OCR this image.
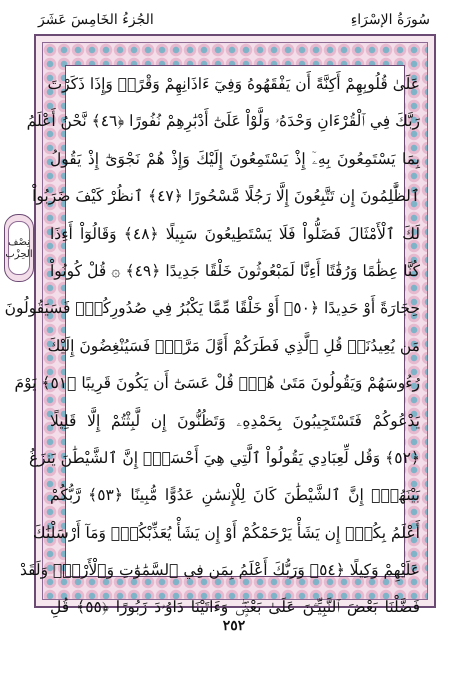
الجُزءُ الخَامِسَ عَشَرَ	سُورَةُ الإسْرَاءِ
نِصْف
الحِزْب
عَلَىٰ قُلُوبِهِمْ أَكِنَّةً أَن يَفْقَهُوهُ وَفِيٓ ءَاذَانِهِمْ وَقْرًاۚ وَإِذَا ذَكَرْتَ
رَبَّكَ فِي ٱلْقُرْءَانِ وَحْدَهُۥ وَلَّوْاْ عَلَىٰٓ أَدْبَٰرِهِمْ نُفُورًا ﴿٤٦﴾ نَّحْنُ أَعْلَمُ
بِمَا يَسْتَمِعُونَ بِهِۦٓ إِذْ يَسْتَمِعُونَ إِلَيْكَ وَإِذْ هُمْ نَجْوَىٰٓ إِذْ يَقُولُ
ٱلظَّٰلِمُونَ إِن تَتَّبِعُونَ إِلَّا رَجُلًا مَّسْحُورًا ﴿٤٧﴾ ٱنظُرْ كَيْفَ ضَرَبُواْ
لَكَ ٱلْأَمْثَالَ فَضَلُّواْ فَلَا يَسْتَطِيعُونَ سَبِيلًا ﴿٤٨﴾ وَقَالُوٓاْ أَءِذَا
كُنَّا عِظَٰمًا وَرُفَٰتًا أَءِنَّا لَمَبْعُوثُونَ خَلْقًا جَدِيدًا ﴿٤٩﴾ ۞ قُلْ كُونُواْ
حِجَارَةً أَوْ حَدِيدًا ﴿٥٠﴾ أَوْ خَلْقًا مِّمَّا يَكْبُرُ فِي صُدُورِكُمْۚ فَسَيَقُولُونَ
مَن يُعِيدُنَاۖ قُلِ ٱلَّذِي فَطَرَكُمْ أَوَّلَ مَرَّةٍۚ فَسَيُنْغِضُونَ إِلَيْكَ
رُءُوسَهُمْ وَيَقُولُونَ مَتَىٰ هُوَۖ قُلْ عَسَىٰٓ أَن يَكُونَ قَرِيبًا ﴿٥١﴾ يَوْمَ
يَدْعُوكُمْ فَتَسْتَجِيبُونَ بِحَمْدِهِۦ وَتَظُنُّونَ إِن لَّبِثْتُمْ إِلَّا قَلِيلًا
﴿٥٢﴾ وَقُل لِّعِبَادِي يَقُولُواْ ٱلَّتِي هِيَ أَحْسَنُۚ إِنَّ ٱلشَّيْطَٰنَ يَنزَغُ
بَيْنَهُمْۚ إِنَّ ٱلشَّيْطَٰنَ كَانَ لِلْإِنسَٰنِ عَدُوًّا مُّبِينًا ﴿٥٣﴾ رَّبُّكُمْ
أَعْلَمُ بِكُمْۖ إِن يَشَأْ يَرْحَمْكُمْ أَوْ إِن يَشَأْ يُعَذِّبْكُمْۚ وَمَآ أَرْسَلْنَٰكَ
عَلَيْهِمْ وَكِيلًا ﴿٥٤﴾ وَرَبُّكَ أَعْلَمُ بِمَن فِي ٱلسَّمَٰوَٰتِ وَٱلْأَرْضِۗ وَلَقَدْ
فَضَّلْنَا بَعْضَ ٱلنَّبِيِّـۧنَ عَلَىٰ بَعْضٍۖ وَءَاتَيْنَا دَاوُۥدَ زَبُورًا ﴿٥٥﴾ قُلِ
٢٥٢
